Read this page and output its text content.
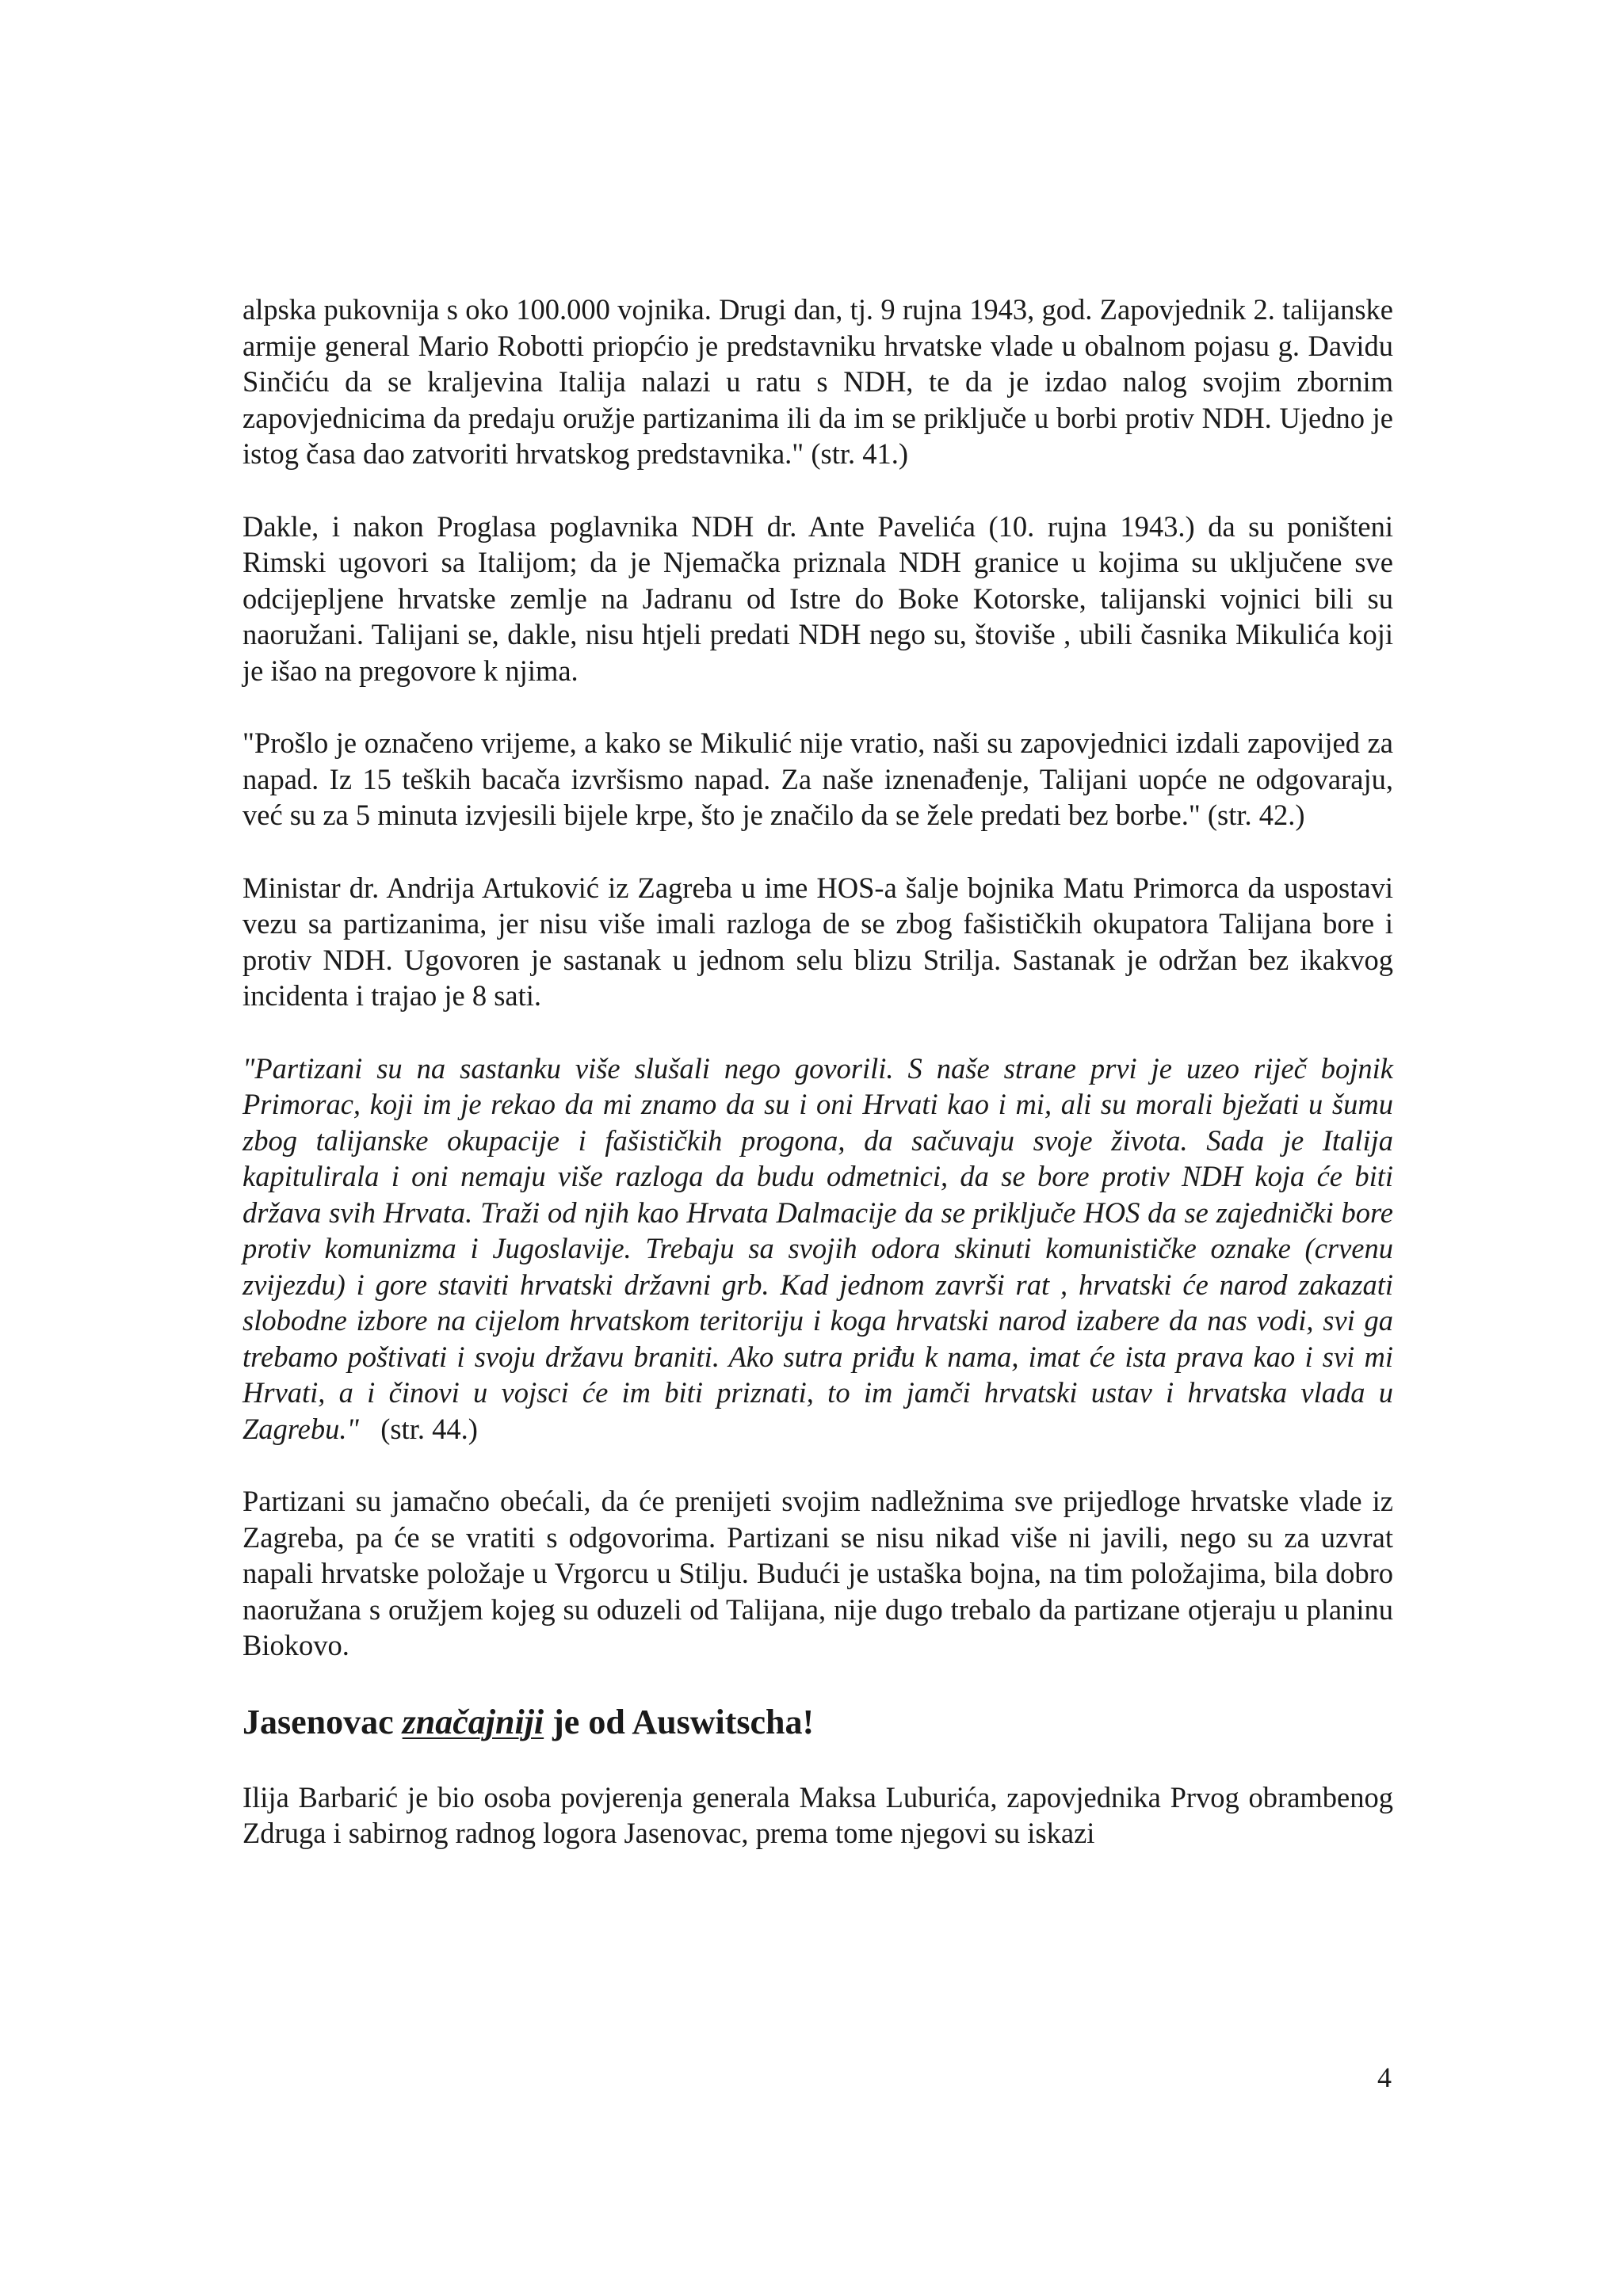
alpska pukovnija s oko 100.000 vojnika. Drugi dan, tj. 9 rujna 1943, god. Zapovjednik 2. talijanske armije general Mario Robotti priopćio je predstavniku hrvatske vlade u obalnom pojasu g. Davidu Sinčiću da se kraljevina Italija nalazi u ratu s NDH, te da je izdao nalog svojim zbornim zapovjednicima da predaju oružje partizanima ili da im se priključe u borbi protiv NDH. Ujedno je istog časa dao zatvoriti hrvatskog predstavnika." (str. 41.)

Dakle, i nakon Proglasa poglavnika NDH dr. Ante Pavelića (10. rujna 1943.) da su poništeni Rimski ugovori sa Italijom; da je Njemačka priznala NDH granice u kojima su uključene sve odcijepljene hrvatske zemlje na Jadranu od Istre do Boke Kotorske, talijanski vojnici bili su naoružani. Talijani se, dakle, nisu htjeli predati NDH nego su, štoviše , ubili časnika Mikulića koji je išao na pregovore k njima.

"Prošlo je označeno vrijeme, a kako se Mikulić nije vratio, naši su zapovjednici izdali zapovijed za napad. Iz 15 teških bacača izvršismo napad. Za naše iznenađenje, Talijani uopće ne odgovaraju, već su za 5 minuta izvjesili bijele krpe, što je značilo da se žele predati bez borbe." (str. 42.)

Ministar dr. Andrija Artuković iz Zagreba u ime HOS-a šalje bojnika Matu Primorca da uspostavi vezu sa partizanima, jer nisu više imali razloga de se zbog fašističkih okupatora Talijana bore i protiv NDH. Ugovoren je sastanak u jednom selu blizu Strilja. Sastanak je održan bez ikakvog incidenta i trajao je 8 sati.

"Partizani su na sastanku više slušali nego govorili. S naše strane prvi je uzeo riječ bojnik Primorac, koji im je rekao da mi znamo da su i oni Hrvati kao i mi, ali su morali bježati u šumu zbog talijanske okupacije i fašističkih progona, da sačuvaju svoje života. Sada je Italija kapitulirala i oni nemaju više razloga da budu odmetnici, da se bore protiv NDH koja će biti država svih Hrvata. Traži od njih kao Hrvata Dalmacije da se priključe HOS da se zajednički bore protiv komunizma i Jugoslavije. Trebaju sa svojih odora skinuti komunističke oznake (crvenu zvijezdu) i gore staviti hrvatski državni grb. Kad jednom završi rat , hrvatski će narod zakazati slobodne izbore na cijelom hrvatskom teritoriju i koga hrvatski narod izabere da nas vodi, svi ga trebamo poštivati i svoju državu braniti. Ako sutra priđu k nama, imat će ista prava kao i svi mi Hrvati, a i činovi u vojsci će im biti priznati, to im jamči hrvatski ustav i hrvatska vlada u Zagrebu." (str. 44.)

Partizani su jamačno obećali, da će prenijeti svojim nadležnima sve prijedloge hrvatske vlade iz Zagreba, pa će se vratiti s odgovorima. Partizani se nisu nikad više ni javili, nego su za uzvrat napali hrvatske položaje u Vrgorcu u Stilju. Budući je ustaška bojna, na tim položajima, bila dobro naoružana s oružjem kojeg su oduzeli od Talijana, nije dugo trebalo da partizane otjeraju u planinu Biokovo.

Jasenovac značajniji je od Auswitscha!

Ilija Barbarić je bio osoba povjerenja generala Maksa Luburića, zapovjednika Prvog obrambenog Zdruga i sabirnog radnog logora Jasenovac, prema tome njegovi su iskazi

4
